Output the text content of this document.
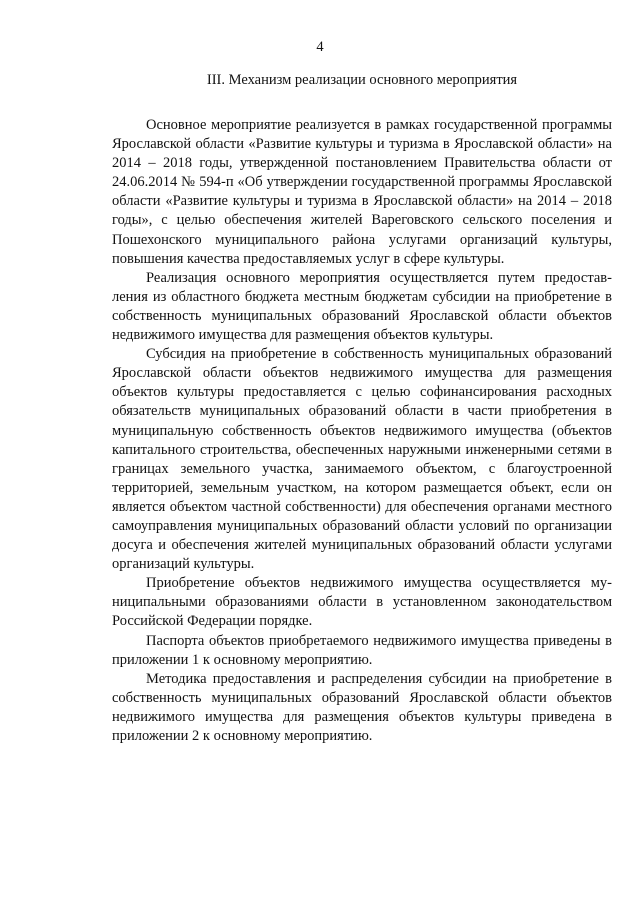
4
III. Механизм реализации основного мероприятия

Основное мероприятие реализуется в рамках государственной программы Ярославской области «Развитие культуры и туризма в Ярославской области» на 2014 – 2018 годы, утвержденной постановлением Правительства области от 24.06.2014 № 594-п «Об утверждении государственной программы Ярославской области «Развитие культуры и туризма в Ярославской области» на 2014 – 2018 годы», с целью обеспечения жителей Вареговского сельского поселения и Пошехонского муниципального района услугами организаций культуры, повышения качества предоставляемых услуг в сфере культуры.

Реализация основного мероприятия осуществляется путем предоставления из областного бюджета местным бюджетам субсидии на приобретение в собственность муниципальных образований Ярославской области объектов недвижимого имущества для размещения объектов культуры.

Субсидия на приобретение в собственность муниципальных образований Ярославской области объектов недвижимого имущества для размещения объектов культуры предоставляется с целью софинансирования расходных обязательств муниципальных образований области в части приобретения в муниципальную собственность объектов недвижимого имущества (объектов капитального строительства, обеспеченных наружными инженерными сетями в границах земельного участка, занимаемого объектом, с благоустроенной территорией, земельным участком, на котором размещается объект, если он является объектом частной собственности) для обеспечения органами местного самоуправления муниципальных образований области условий по организации досуга и обеспечения жителей муниципальных образований области услугами организаций культуры.

Приобретение объектов недвижимого имущества осуществляется муниципальными образованиями области в установленном законодательством Российской Федерации порядке.

Паспорта объектов приобретаемого недвижимого имущества приведены в приложении 1 к основному мероприятию.

Методика предоставления и распределения субсидии на приобретение в собственность муниципальных образований Ярославской области объектов недвижимого имущества для размещения объектов культуры приведена в приложении 2 к основному мероприятию.
